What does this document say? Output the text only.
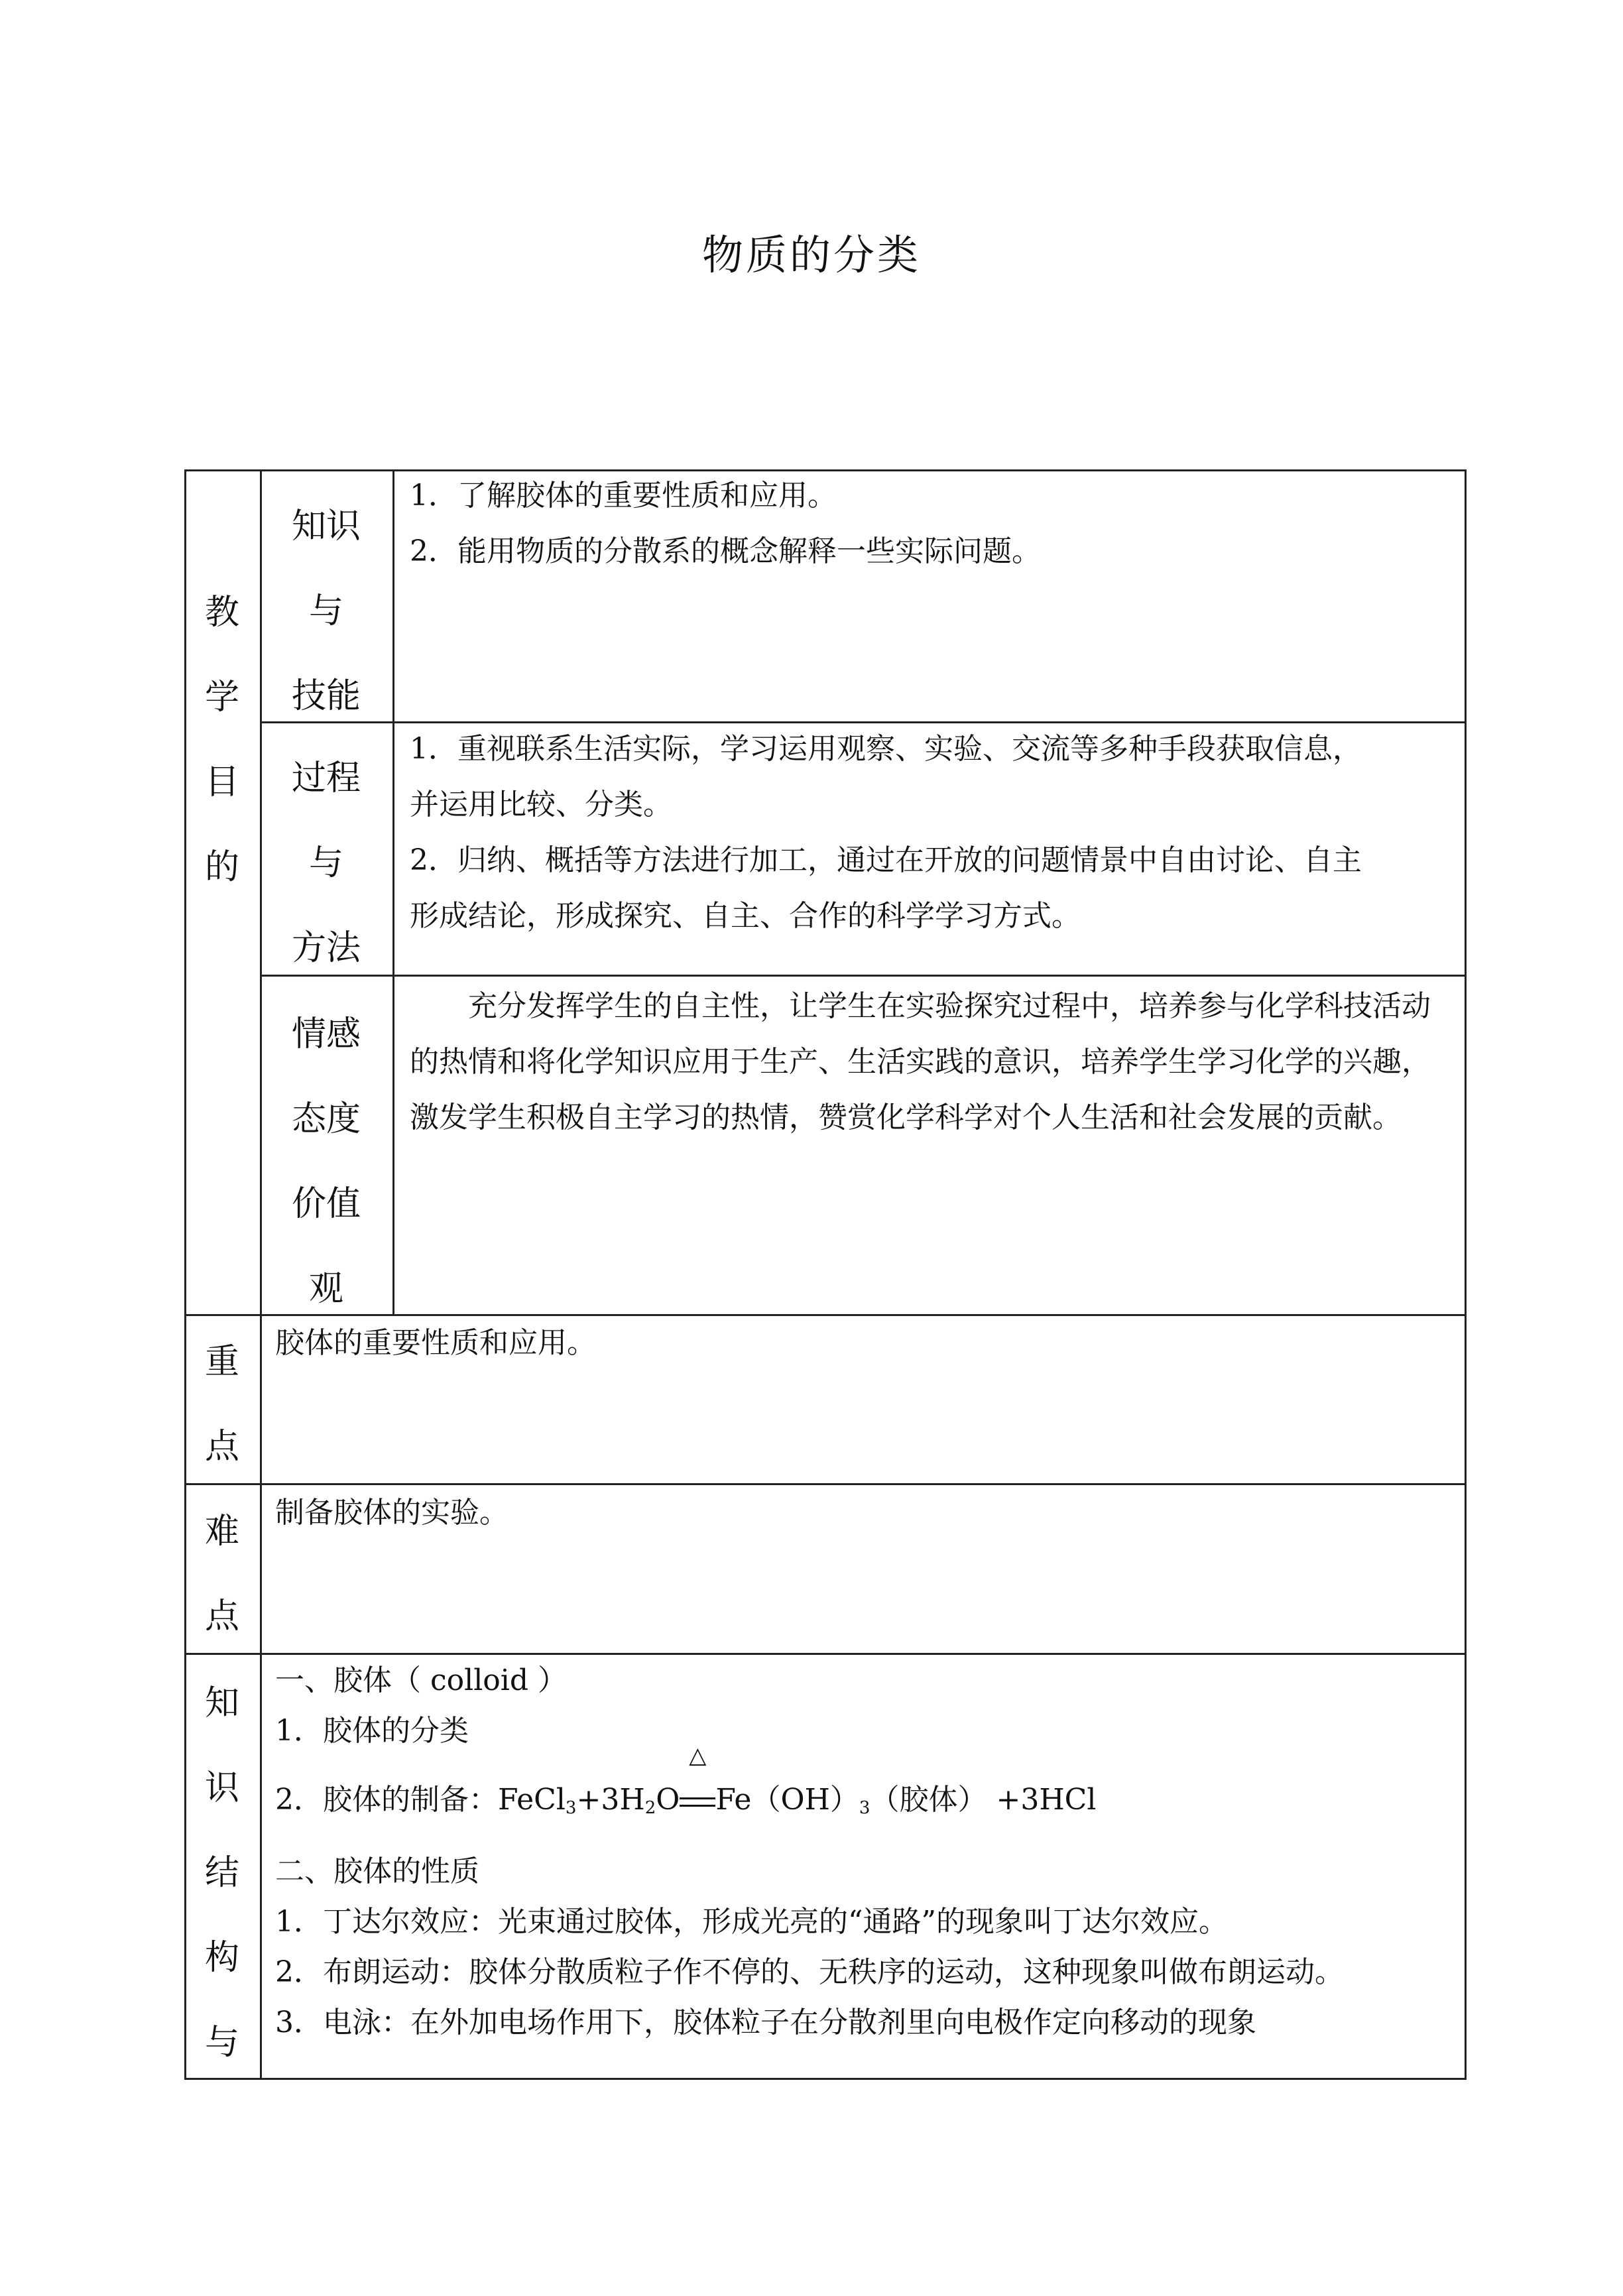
物质的分类
教
学
目
的
知识
与
技能

1．了解胶体的重要性质和应用。

2．能用物质的分散系的概念解释一些实际问题。

过程
与
方法

1．重视联系生活实际，学习运用观察、实验、交流等多种手段获取信息，

并运用比较、分类。

2．归纳、概括等方法进行加工，通过在开放的问题情景中自由讨论、自主

形成结论，形成探究、自主、合作的科学学习方式。

情感
态度
价值
观

充分发挥学生的自主性，让学生在实验探究过程中，培养参与化学科技活动的热情和将化学知识应用于生产、生活实践的意识，培养学生学习化学的兴趣，激发学生积极自主学习的热情，赞赏化学科学对个人生活和社会发展的贡献。

重
点

胶体的重要性质和应用。

难
点

制备胶体的实验。

知
识
结
构
与

一、胶体（ colloid ）

1．胶体的分类

2．胶体的制备：$FeCl_3+3H_2O$
△
$Fe(OH)_3$（胶体） +3HCl

二、胶体的性质

1．丁达尔效应：光束通过胶体，形成光亮的“通路”的现象叫丁达尔效应。

2．布朗运动：胶体分散质粒子作不停的、无秩序的运动，这种现象叫做布朗运动。

3．电泳：在外加电场作用下，胶体粒子在分散剂里向电极作定向移动的现象
